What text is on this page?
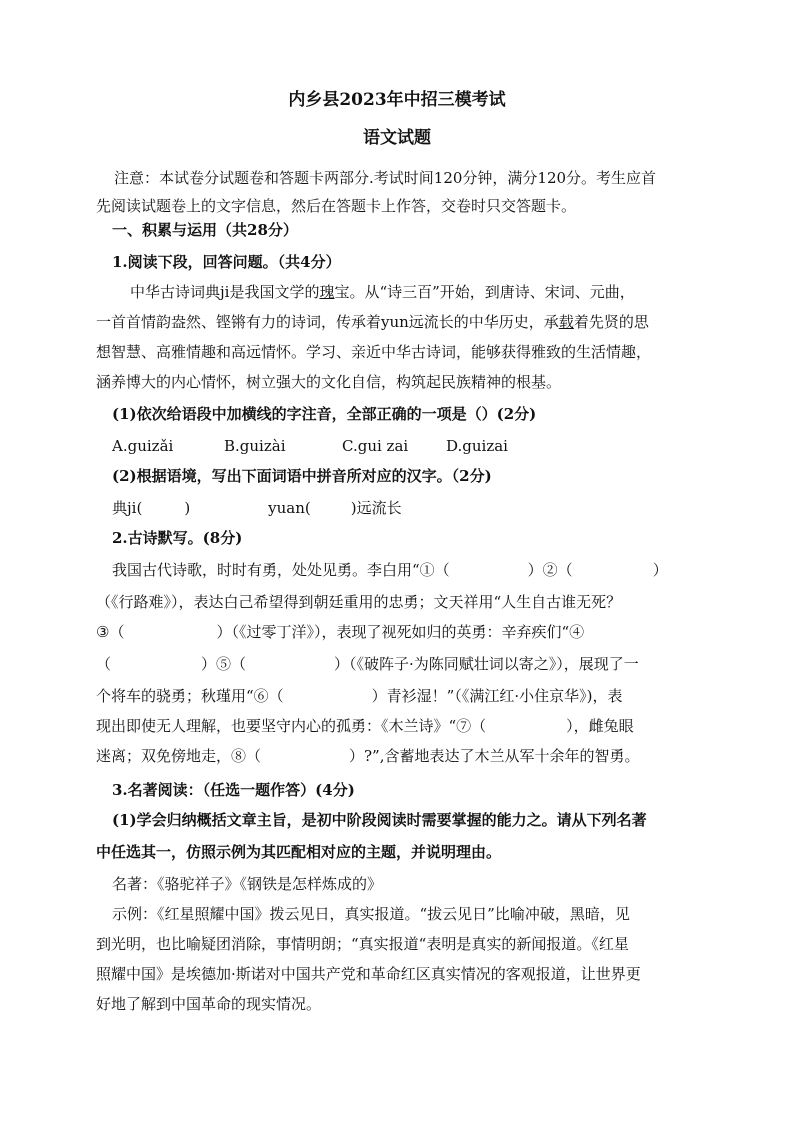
内乡县2023年中招三模考试
语文试题
注意：本试卷分试题卷和答题卡两部分.考试时间120分钟，满分120分。考生应首
先阅读试题卷上的文字信息，然后在答题卡上作答，交卷时只交答题卡。
一、积累与运用（共28分）
1.阅读下段，回答问题。（共4分）
中华古诗词典ji是我国文学的瑰宝。从“诗三百”开始，到唐诗、宋词、元曲，
一首首情韵盎然、铿锵有力的诗词，传承着yun远流长的中华历史，承载着先贤的思
想智慧、高雅情趣和高远情怀。学习、亲近中华古诗词，能够获得雅致的生活情趣，
涵养博大的内心情怀，树立强大的文化自信，构筑起民族精神的根基。
(1)依次给语段中加横线的字注音，全部正确的一项是（）(2分)
A.guizǎi	B.guizài	C.gui zai	D.guizai
(2)根据语境，写出下面词语中拼音所对应的汉字。（2分)
典ji(	)	yuan(	)远流长
2.古诗默写。(8分)
我国古代诗歌，时时有勇，处处见勇。李白用“①（	）②（	）
（《行路难》），表达白己希望得到朝廷重用的忠勇；文天祥用“人生自古谁无死？
③（	）（《过零丁洋》），表现了视死如归的英勇：辛弃疾们“④
（	）⑤（	）（《破阵子·为陈同赋壮词以寄之》），展现了一
个将车的骁勇；秋瑾用“⑥（	）青衫湿！”（《满江红·小住京华》)，表
现出即使无人理解，也要坚守内心的孤勇：《木兰诗》“⑦（	），雌兔眼
迷离；双免傍地走，⑧（	）?”,含蓄地表达了木兰从军十余年的智勇。
3.名著阅读：（任选一题作答）(4分)
(1)学会归纳概括文章主旨，是初中阶段阅读时需要掌握的能力之。请从下列名著
中任选其一，仿照示例为其匹配相对应的主题，并说明理由。
名著：《骆驼祥子》《钢铁是怎样炼成的》
示例：《红星照耀中国》拨云见日，真实报道。“拔云见日”比喻冲破，黑暗，见
到光明，也比喻疑团消除，事情明朗；“真实报道“表明是真实的新闻报道。《红星
照耀中国》是埃德加·斯诺对中国共产党和革命红区真实情况的客观报道，让世界更
好地了解到中国革命的现实情况。
